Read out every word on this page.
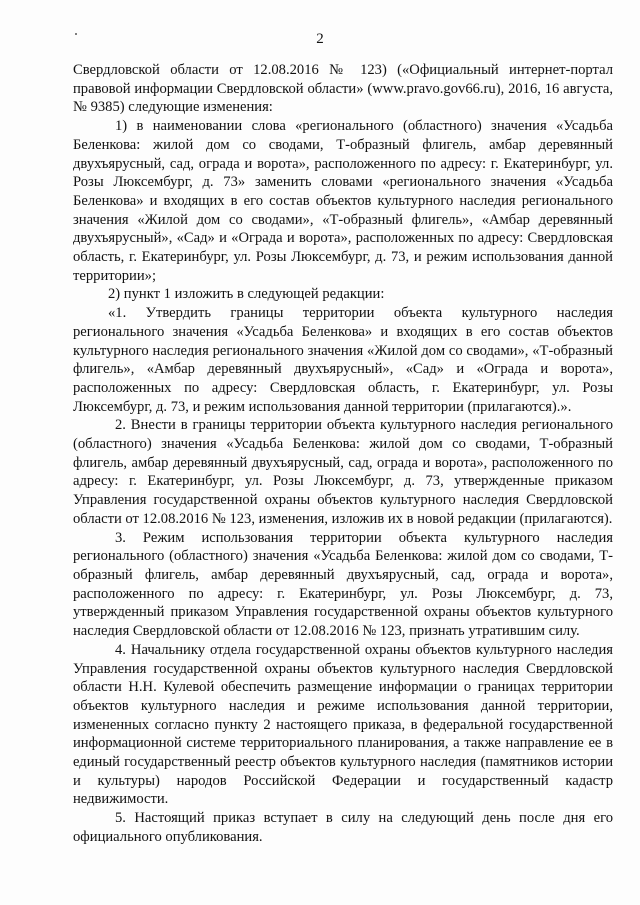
2

Свердловской области от 12.08.2016 № 123) («Официальный интернет-портал правовой информации Свердловской области» (www.pravo.gov66.ru), 2016, 16 августа, № 9385) следующие изменения:

1) в наименовании слова «регионального (областного) значения «Усадьба Беленкова: жилой дом со сводами, Т-образный флигель, амбар деревянный двухъярусный, сад, ограда и ворота», расположенного по адресу: г. Екатеринбург, ул. Розы Люксембург, д. 73» заменить словами «регионального значения «Усадьба Беленкова» и входящих в его состав объектов культурного наследия регионального значения «Жилой дом со сводами», «Т-образный флигель», «Амбар деревянный двухъярусный», «Сад» и «Ограда и ворота», расположенных по адресу: Свердловская область, г. Екатеринбург, ул. Розы Люксембург, д. 73, и режим использования данной территории»;

2) пункт 1 изложить в следующей редакции:

«1. Утвердить границы территории объекта культурного наследия регионального значения «Усадьба Беленкова» и входящих в его состав объектов культурного наследия регионального значения «Жилой дом со сводами», «Т-образный флигель», «Амбар деревянный двухъярусный», «Сад» и «Ограда и ворота», расположенных по адресу: Свердловская область, г. Екатеринбург, ул. Розы Люксембург, д. 73, и режим использования данной территории (прилагаются).».

2. Внести в границы территории объекта культурного наследия регионального (областного) значения «Усадьба Беленкова: жилой дом со сводами, Т-образный флигель, амбар деревянный двухъярусный, сад, ограда и ворота», расположенного по адресу: г. Екатеринбург, ул. Розы Люксембург, д. 73, утвержденные приказом Управления государственной охраны объектов культурного наследия Свердловской области от 12.08.2016 № 123, изменения, изложив их в новой редакции (прилагаются).

3. Режим использования территории объекта культурного наследия регионального (областного) значения «Усадьба Беленкова: жилой дом со сводами, Т-образный флигель, амбар деревянный двухъярусный, сад, ограда и ворота», расположенного по адресу: г. Екатеринбург, ул. Розы Люксембург, д. 73, утвержденный приказом Управления государственной охраны объектов культурного наследия Свердловской области от 12.08.2016 № 123, признать утратившим силу.

4. Начальнику отдела государственной охраны объектов культурного наследия Управления государственной охраны объектов культурного наследия Свердловской области Н.Н. Кулевой обеспечить размещение информации о границах территории объектов культурного наследия и режиме использования данной территории, измененных согласно пункту 2 настоящего приказа, в федеральной государственной информационной системе территориального планирования, а также направление ее в единый государственный реестр объектов культурного наследия (памятников истории и культуры) народов Российской Федерации и государственный кадастр недвижимости.

5. Настоящий приказ вступает в силу на следующий день после дня его официального опубликования.
